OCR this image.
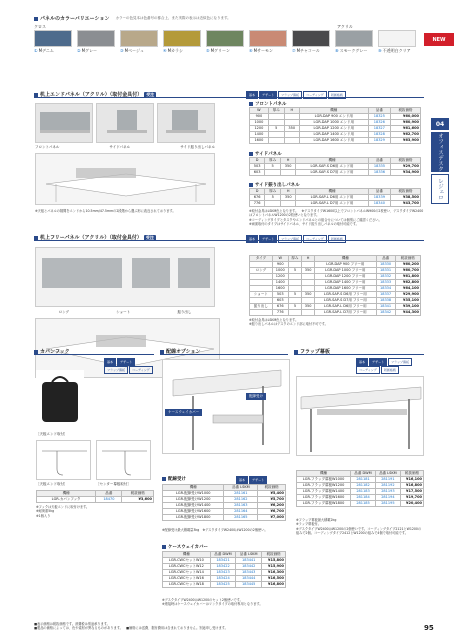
パネルのカラーバリエーション カラーの色見本は色番号の都合上、また実際の表示は近似色になります。
クロス	アクリル
NEW
① Mデニム	② Mグレー	③ Mベージュ	④ Mカラシ	⑤ Mグリーン	⑥ Mサーモン	⑦ Mチャコール	⑧ スモークグレー	⑨ 不透明白クリア
04
オフィスデスク
レジェロ
机上エンドパネル（アクリル）（取付金具付）	受注	基本 デザート フラップ幕板 コーディング 同価格柄
フロントパネル	サイドパネル	サイド振り出しパネル
※天板とパネルの隙間をエンドから10.5mm/47.5mmの2段階から選ぶ形に改良されております。
フロントパネル
W	厚み	H	機種	品番	税抜価格
900			LGR-DAP 900 エンド用	18325	¥60,000
1000			LGR-DAP 1000 エンド用	18326	¥60,900
1200	5	350	LGR-DAP 1200 エンド用	18327	¥61,600
1400			LGR-DAP 1400 エンド用	18328	¥62,700
1600			LGR-DAP 1600 エンド用	18329	¥63,900
サイドパネル
D	厚み	H	機種	品番	税抜価格
503	5	350	LGR-SAP-S D6用 エンド用	18335	¥29,700
603			LGR-SAP-S D7用 エンド用	18336	¥34,900
サイド振り出しパネル
D	厚み	H	機種	品番	税抜価格
676	5	350	LGR-SAP-L D6用 エンド用	18339	¥38,500
776			LGR-SAP-L D7用 エンド用	18340	¥43,700
※取付金具はLSKM色となります。　※デスクタイプW1600以上でフロントパネルW900の2枚使い、デスクタイプW2400はフロントパネルW1200の2枚使いとなります。
※コーディングタイプとタスクやエンドパネルとの組合せについては個別にご確認ください。
※両面取付のタイプはサイドパネル、サイド振り出しパネルの取付可能です。
机上フリーパネル（アクリル）（取付金具付）	受注	基本 デザート フラップ幕板 コーディング 同価格柄
ロング	ショート	振り出し
タイプ	W	厚み	H	機種	品番	税抜価格
	900			LGR-DAP 900 フリー用	18330	¥60,200
ロング	1000	5	350	LGR-DAP 1000 フリー用	18331	¥60,700
	1200			LGR-DAP 1200 フリー用	18332	¥61,800
	1400			LGR-DAP 1400 フリー用	18333	¥62,800
	1600			LGR-DAP 1600 フリー用	18334	¥64,100
ショート	503	5	350	LGR-SAP-S D6用 フリー用	18337	¥29,900
	603			LGR-SAP-S D7用 フリー用	18338	¥35,100
振り出し	676	5	350	LGR-SAP-L D6用 フリー用	18341	¥39,100
	776			LGR-SAP-L D7用 フリー用	18342	¥44,300
※取付金具はLSKM色となります。
※振り出しパネルはデスクのエンド部に取付不可です。
カバンフック
基本 デザートフラップ幕板 コーディング
［天板エンド取付］
［天板エンド取付］	［センター幕板取付］
機種	品番	税抜価格
LGR-カバンフック	18470	¥3,600
※フックは天板エンドに取付けます。
※耐荷重5kg
※1個入り
配線オプション
ケースウェイカバー
配線受け
配線受け	基本 デザート
機種	品番 LSKM	税抜価格
LGR-配線受けW1000	281161	¥5,400
LGR-配線受けW1200	281162	¥5,700
LGR-配線受けW1400	281163	¥6,200
LGR-配線受けW1600	281164	¥6,700
LGR-配線受けW1800	281165	¥7,000
※配線受け最大積載量3kg　※デスクタイプW2400はW1200の2個使い。
ケースウェイカバー
機種	品番 DWM	品番 LSKM	税抜価格
LGR-CWCセットW10	183421	183441	¥15,800
LGR-CWCセットW12	183422	183442	¥15,900
LGR-CWCセットW14	183423	183443	¥16,300
LGR-CWCセットW16	183424	183444	¥16,500
LGR-CWCセットW18	183425	183445	¥16,800
※デスクタイプW2400はW1200のセット2個使いです。
※連接時はケースウェイカバーはリンクタイプの取付専用となります。
フラップ幕板
基本 デザート フラップ幕板コーディング 同価格柄
機種	品番 DWM	品番 LSKM	税抜価格
LGR-フラップ幕板W1000	281181	281191	¥16,100
LGR-フラップ幕板W1200	281182	281192	¥16,800
LGR-フラップ幕板W1400	281183	281193	¥17,500
LGR-フラップ幕板W1600	281184	281194	¥19,700
LGR-フラップ幕板W1800	281185	281195	¥20,400
※フラップ幕板最大積載2kg
※ラップ幕板付。
※デスクタイプW2400はW1200の2個使いです。コーディングタイプ2121とW1200の組みで2個。コーディングタイプ2412とW1200の組みで4個で取付可能です。
■表示価格は税抜価格です。消費税は別途承ります。
■製品の価格によっては、色や素材が異なるものがあります。　■価格には送費、据付費用は含まれておりません。別途申し受けます。	95
